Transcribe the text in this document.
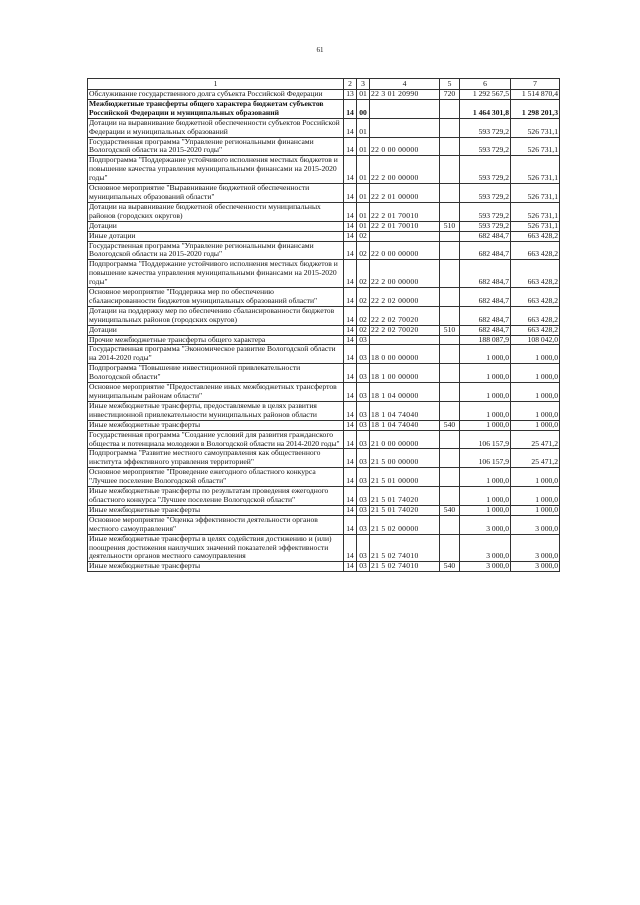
61
1	2	3	4	5	6	7
Обслуживание государственного долга субъекта Российской Федерации	13	01	22 3 01 20990	720	1 292 567,5	1 514 870,4
Межбюджетные трансферты общего характера бюджетам субъектов Российской Федерации и муниципальных образований	14	00			1 464 301,8	1 298 201,3
Дотации на выравнивание бюджетной обеспеченности субъектов Российской Федерации и муниципальных образований	14	01			593 729,2	526 731,1
Государственная программа "Управление региональными финансами Вологодской области на 2015-2020 годы"	14	01	22 0 00 00000		593 729,2	526 731,1
Подпрограмма "Поддержание устойчивого исполнения местных бюджетов и повышение качества управления муниципальными финансами на 2015-2020 годы"	14	01	22 2 00 00000		593 729,2	526 731,1
Основное мероприятие "Выравнивание бюджетной обеспеченности муниципальных образований области"	14	01	22 2 01 00000		593 729,2	526 731,1
Дотации на выравнивание бюджетной обеспеченности муниципальных районов (городских округов)	14	01	22 2 01 70010		593 729,2	526 731,1
Дотации	14	01	22 2 01 70010	510	593 729,2	526 731,1
Иные дотации	14	02			682 484,7	663 428,2
Государственная программа "Управление региональными финансами Вологодской области на 2015-2020 годы"	14	02	22 0 00 00000		682 484,7	663 428,2
Подпрограмма "Поддержание устойчивого исполнения местных бюджетов и повышение качества управления муниципальными финансами на 2015-2020 годы"	14	02	22 2 00 00000		682 484,7	663 428,2
Основное мероприятие "Поддержка мер по обеспечению сбалансированности бюджетов муниципальных образований области"	14	02	22 2 02 00000		682 484,7	663 428,2
Дотации на поддержку мер по обеспечению сбалансированности бюджетов муниципальных районов (городских округов)	14	02	22 2 02 70020		682 484,7	663 428,2
Дотации	14	02	22 2 02 70020	510	682 484,7	663 428,2
Прочие межбюджетные трансферты общего характера	14	03			188 087,9	108 042,0
Государственная программа "Экономическое развитие Вологодской области на 2014-2020 годы"	14	03	18 0 00 00000		1 000,0	1 000,0
Подпрограмма "Повышение инвестиционной привлекательности Вологодской области"	14	03	18 1 00 00000		1 000,0	1 000,0
Основное мероприятие "Предоставление иных межбюджетных трансфертов муниципальным районам области"	14	03	18 1 04 00000		1 000,0	1 000,0
Иные межбюджетные трансферты, предоставляемые в целях развития инвестиционной привлекательности муниципальных районов области	14	03	18 1 04 74040		1 000,0	1 000,0
Иные межбюджетные трансферты	14	03	18 1 04 74040	540	1 000,0	1 000,0
Государственная программа "Создание условий для развития гражданского общества и потенциала молодежи в Вологодской области на 2014-2020 годы"	14	03	21 0 00 00000		106 157,9	25 471,2
Подпрограмма "Развитие местного самоуправления как общественного института эффективного управления территорией"	14	03	21 5 00 00000		106 157,9	25 471,2
Основное мероприятие "Проведение ежегодного областного конкурса "Лучшее поселение Вологодской области"	14	03	21 5 01 00000		1 000,0	1 000,0
Иные межбюджетные трансферты по результатам проведения ежегодного областного конкурса "Лучшее поселение Вологодской области"	14	03	21 5 01 74020		1 000,0	1 000,0
Иные межбюджетные трансферты	14	03	21 5 01 74020	540	1 000,0	1 000,0
Основное мероприятие "Оценка эффективности деятельности органов местного самоуправления"	14	03	21 5 02 00000		3 000,0	3 000,0
Иные межбюджетные трансферты в целях содействия достижению и (или) поощрения достижения наилучших значений показателей эффективности деятельности органов местного самоуправления	14	03	21 5 02 74010		3 000,0	3 000,0
Иные межбюджетные трансферты	14	03	21 5 02 74010	540	3 000,0	3 000,0
